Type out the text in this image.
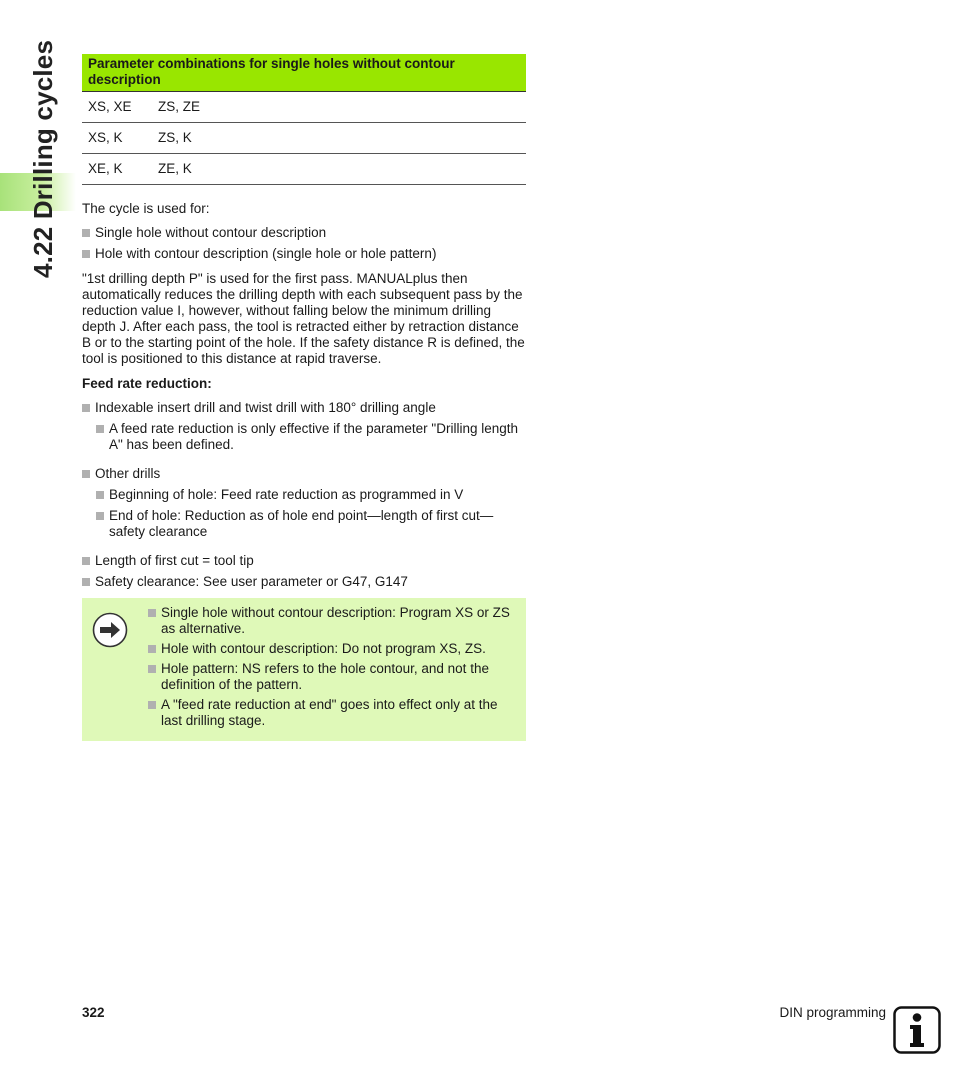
4.22 Drilling cycles Parameter combinations for single holes without contour description	
XS, XE	ZS, ZE
XS, K	ZS, K
XE, K	ZE, K

The cycle is used for:

Single hole without contour description
Hole with contour description (single hole or hole pattern)

"1st drilling depth P" is used for the first pass. MANUALplus then automatically reduces the drilling depth with each subsequent pass by the reduction value I, however, without falling below the minimum drilling depth J. After each pass, the tool is retracted either by retraction distance B or to the starting point of the hole. If the safety distance R is defined, the tool is positioned to this distance at rapid traverse.

Feed rate reduction:

Indexable insert drill and twist drill with 180° drilling angle
A feed rate reduction is only effective if the parameter "Drilling length A" has been defined.
Other drills
Beginning of hole: Feed rate reduction as programmed in V
End of hole: Reduction as of hole end point—length of first cut—safety clearance
Length of first cut = tool tip
Safety clearance: See user parameter or G47, G147
Single hole without contour description: Program XS or ZS as alternative.
Hole with contour description: Do not program XS, ZS.
Hole pattern: NS refers to the hole contour, and not the definition of the pattern.
A "feed rate reduction at end" goes into effect only at the last drilling stage.
322	DIN programming
